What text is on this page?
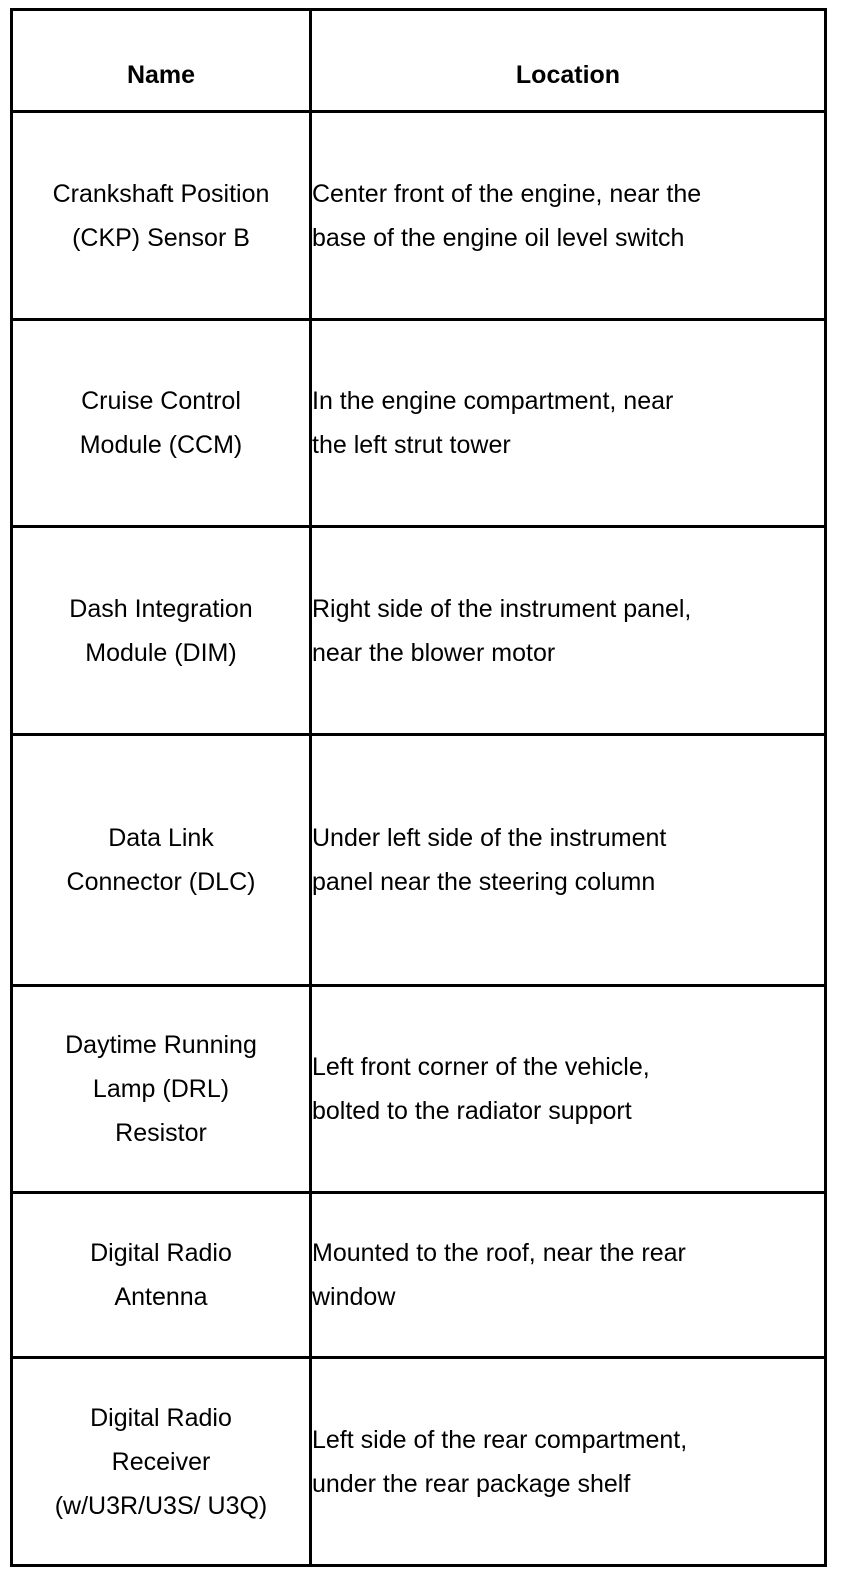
Name	Location

Crankshaft Position
(CKP) Sensor B	Center front of the engine, near the
base of the engine oil level switch

Cruise Control
Module (CCM)	In the engine compartment, near
the left strut tower

Dash Integration
Module (DIM)	Right side of the instrument panel,
near the blower motor

Data Link
Connector (DLC)	Under left side of the instrument
panel near the steering column

Daytime Running
Lamp (DRL)
Resistor	Left front corner of the vehicle,
bolted to the radiator support

Digital Radio
Antenna	Mounted to the roof, near the rear
window

Digital Radio
Receiver
(w/U3R/U3S/ U3Q)	Left side of the rear compartment,
under the rear package shelf
